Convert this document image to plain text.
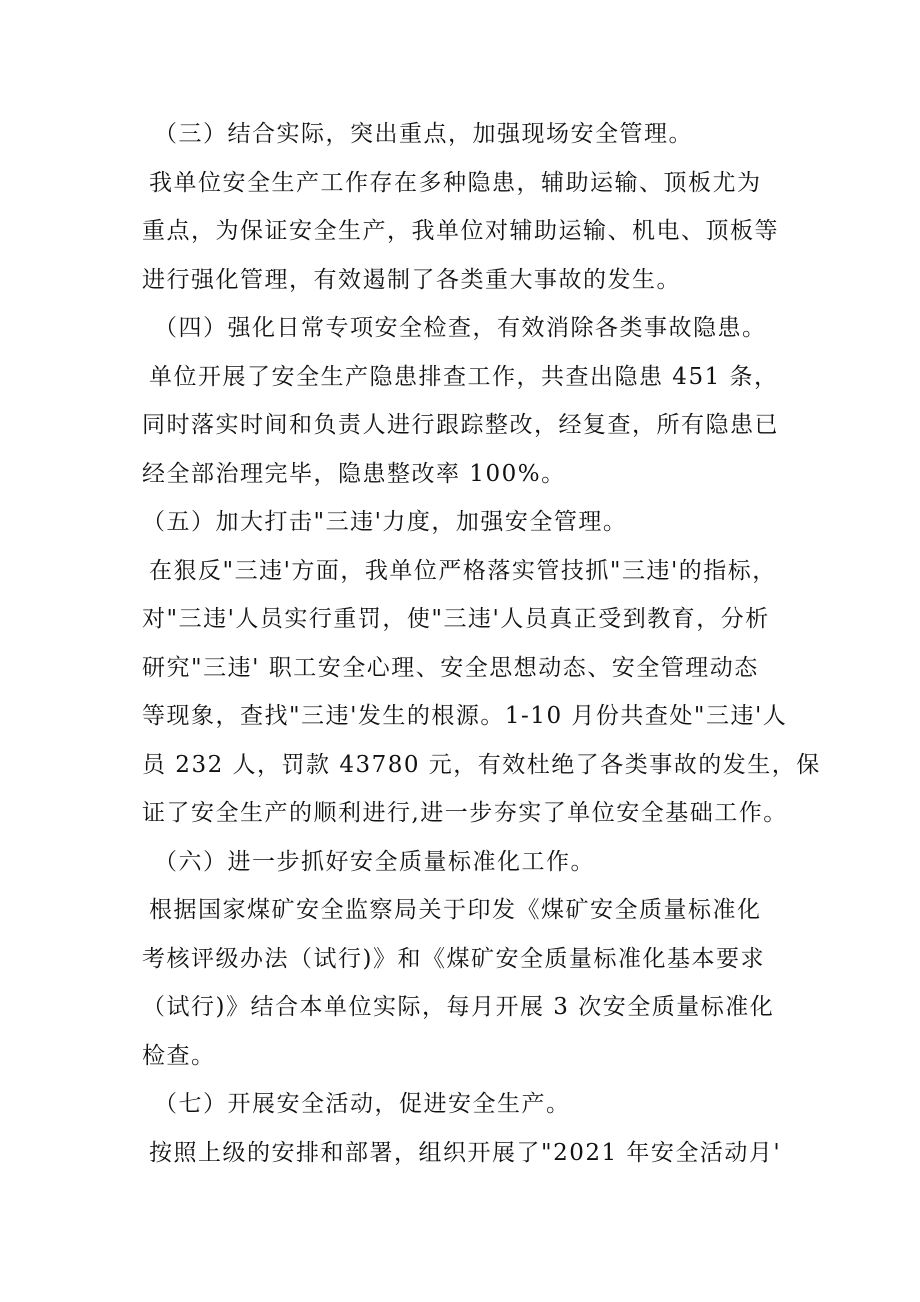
（三）结合实际，突出重点，加强现场安全管理。
我单位安全生产工作存在多种隐患，辅助运输、顶板尤为
重点，为保证安全生产，我单位对辅助运输、机电、顶板等
进行强化管理，有效遏制了各类重大事故的发生。
（四）强化日常专项安全检查，有效消除各类事故隐患。
单位开展了安全生产隐患排查工作，共查出隐患 451 条，
同时落实时间和负责人进行跟踪整改，经复查，所有隐患已
经全部治理完毕，隐患整改率 100%。
（五）加大打击"三违'力度，加强安全管理。
在狠反"三违'方面，我单位严格落实管技抓"三违'的指标，
对"三违'人员实行重罚，使"三违'人员真正受到教育，分析
研究"三违' 职工安全心理、安全思想动态、安全管理动态
等现象，查找"三违'发生的根源。1-10 月份共查处"三违'人
员 232 人，罚款 43780 元，有效杜绝了各类事故的发生，保
证了安全生产的顺利进行,进一步夯实了单位安全基础工作。
（六）进一步抓好安全质量标准化工作。
根据国家煤矿安全监察局关于印发《煤矿安全质量标准化
考核评级办法（试行)》和《煤矿安全质量标准化基本要求
（试行)》结合本单位实际，每月开展 3 次安全质量标准化
检查。
（七）开展安全活动，促进安全生产。
按照上级的安排和部署，组织开展了"2021 年安全活动月'
